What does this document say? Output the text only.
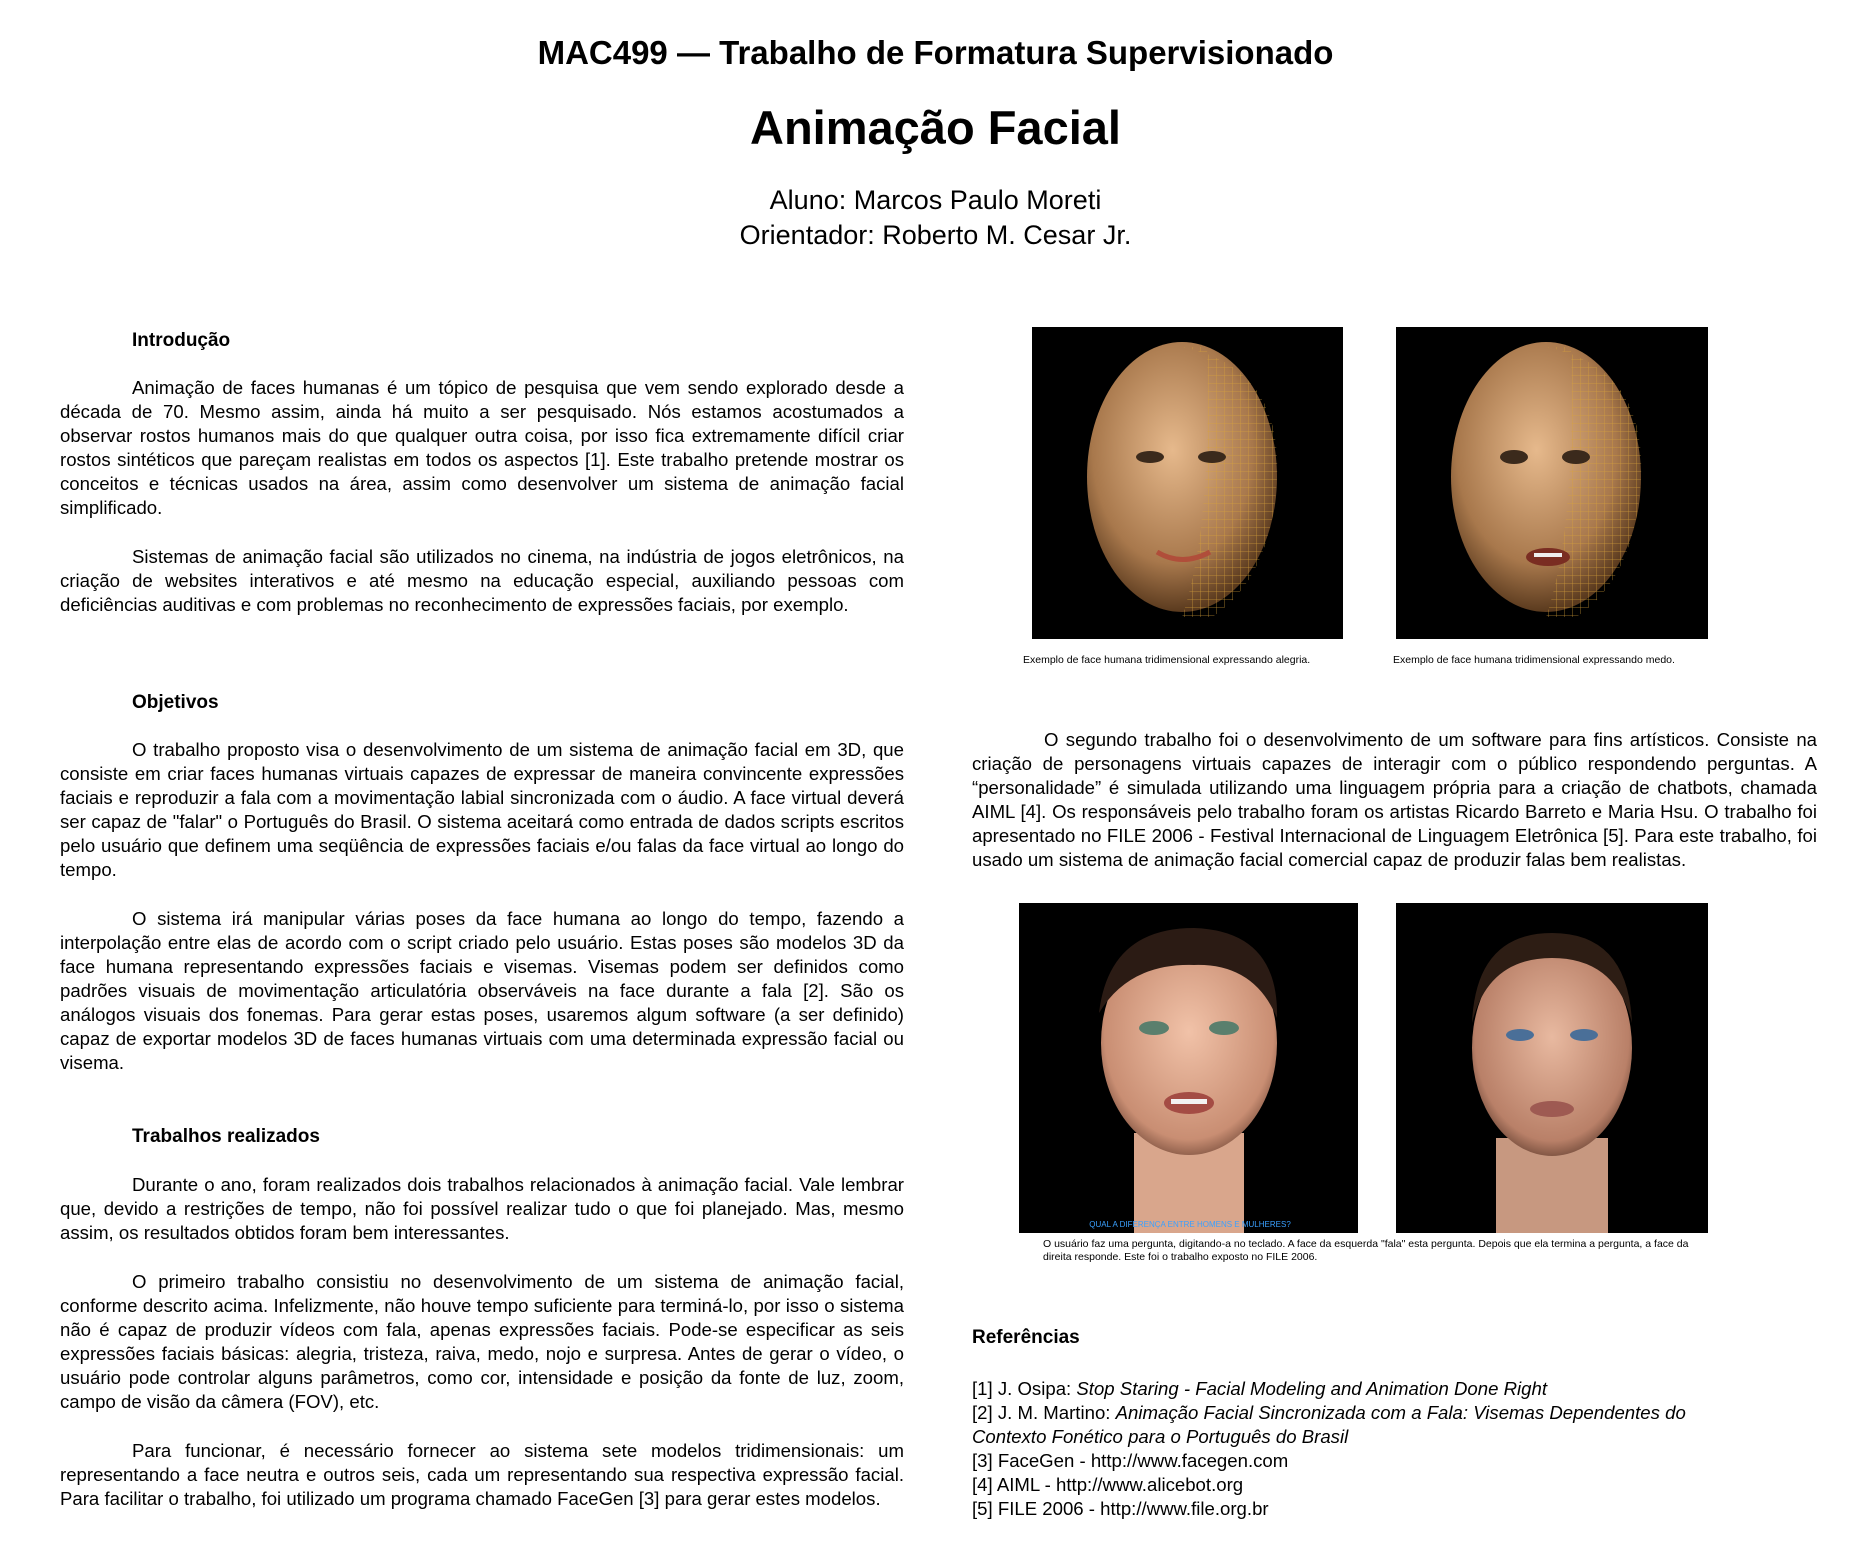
MAC499 — Trabalho de Formatura Supervisionado
Animação Facial
Aluno: Marcos Paulo Moreti
Orientador: Roberto M. Cesar Jr.
Introdução

Animação de faces humanas é um tópico de pesquisa que vem sendo explorado desde a década de 70. Mesmo assim, ainda há muito a ser pesquisado. Nós estamos acostumados a observar rostos humanos mais do que qualquer outra coisa, por isso fica extremamente difícil criar rostos sintéticos que pareçam realistas em todos os aspectos [1]. Este trabalho pretende mostrar os conceitos e técnicas usados na área, assim como desenvolver um sistema de animação facial simplificado.

Sistemas de animação facial são utilizados no cinema, na indústria de jogos eletrônicos, na criação de websites interativos e até mesmo na educação especial, auxiliando pessoas com deficiências auditivas e com problemas no reconhecimento de expressões faciais, por exemplo.

Objetivos

O trabalho proposto visa o desenvolvimento de um sistema de animação facial em 3D, que consiste em criar faces humanas virtuais capazes de expressar de maneira convincente expressões faciais e reproduzir a fala com a movimentação labial sincronizada com o áudio. A face virtual deverá ser capaz de "falar" o Português do Brasil. O sistema aceitará como entrada de dados scripts escritos pelo usuário que definem uma seqüência de expressões faciais e/ou falas da face virtual ao longo do tempo.

O sistema irá manipular várias poses da face humana ao longo do tempo, fazendo a interpolação entre elas de acordo com o script criado pelo usuário. Estas poses são modelos 3D da face humana representando expressões faciais e visemas. Visemas podem ser definidos como padrões visuais de movimentação articulatória observáveis na face durante a fala [2]. São os análogos visuais dos fonemas. Para gerar estas poses, usaremos algum software (a ser definido) capaz de exportar modelos 3D de faces humanas virtuais com uma determinada expressão facial ou visema.

Trabalhos realizados

Durante o ano, foram realizados dois trabalhos relacionados à animação facial. Vale lembrar que, devido a restrições de tempo, não foi possível realizar tudo o que foi planejado. Mas, mesmo assim, os resultados obtidos foram bem interessantes.

O primeiro trabalho consistiu no desenvolvimento de um sistema de animação facial, conforme descrito acima. Infelizmente, não houve tempo suficiente para terminá-lo, por isso o sistema não é capaz de produzir vídeos com fala, apenas expressões faciais. Pode-se especificar as seis expressões faciais básicas: alegria, tristeza, raiva, medo, nojo e surpresa. Antes de gerar o vídeo, o usuário pode controlar alguns parâmetros, como cor, intensidade e posição da fonte de luz, zoom, campo de visão da câmera (FOV), etc.

Para funcionar, é necessário fornecer ao sistema sete modelos tridimensionais: um representando a face neutra e outros seis, cada um representando sua respectiva expressão facial. Para facilitar o trabalho, foi utilizado um programa chamado FaceGen [3] para gerar estes modelos.

Exemplo de face humana tridimensional expressando alegria.	Exemplo de face humana tridimensional expressando medo.

O segundo trabalho foi o desenvolvimento de um software para fins artísticos. Consiste na criação de personagens virtuais capazes de interagir com o público respondendo perguntas. A “personalidade” é simulada utilizando uma linguagem própria para a criação de chatbots, chamada AIML [4]. Os responsáveis pelo trabalho foram os artistas Ricardo Barreto e Maria Hsu. O trabalho foi apresentado no FILE 2006 - Festival Internacional de Linguagem Eletrônica [5]. Para este trabalho, foi usado um sistema de animação facial comercial capaz de produzir falas bem realistas.

QUAL A DIFERENÇA ENTRE HOMENS E MULHERES?
O usuário faz uma pergunta, digitando-a no teclado. A face da esquerda "fala" esta pergunta. Depois que ela termina a pergunta, a face da direita responde. Este foi o trabalho exposto no FILE 2006.
Referências
[1] J. Osipa: Stop Staring - Facial Modeling and Animation Done Right
[2] J. M. Martino: Animação Facial Sincronizada com a Fala: Visemas Dependentes do
Contexto Fonético para o Português do Brasil
[3] FaceGen - http://www.facegen.com
[4] AIML - http://www.alicebot.org
[5] FILE 2006 - http://www.file.org.br
